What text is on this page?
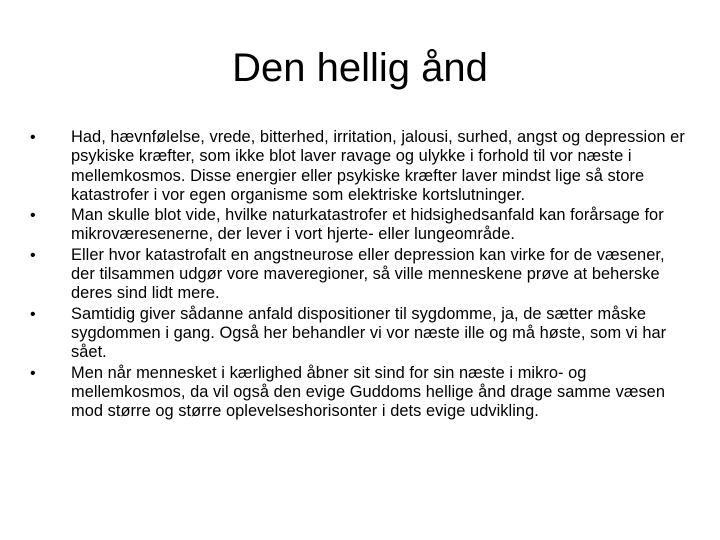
Den hellig ånd
• Had, hævnfølelse, vrede, bitterhed, irritation, jalousi, surhed, angst og depression er psykiske kræfter, som ikke blot laver ravage og ulykke i forhold til vor næste i mellemkosmos. Disse energier eller psykiske kræfter laver mindst lige så store katastrofer i vor egen organisme som elektriske kortslutninger.
• Man skulle blot vide, hvilke naturkatastrofer et hidsighedsanfald kan forårsage for mikroværesenerne, der lever i vort hjerte- eller lungeområde.
• Eller hvor katastrofalt en angstneurose eller depression kan virke for de væsener, der tilsammen udgør vore maveregioner, så ville menneskene prøve at beherske deres sind lidt mere.
• Samtidig giver sådanne anfald dispositioner til sygdomme, ja, de sætter måske sygdommen i gang. Også her behandler vi vor næste ille og må høste, som vi har sået.
• Men når mennesket i kærlighed åbner sit sind for sin næste i mikro- og mellemkosmos, da vil også den evige Guddoms hellige ånd drage samme væsen mod større og større oplevelseshorisonter i dets evige udvikling.
